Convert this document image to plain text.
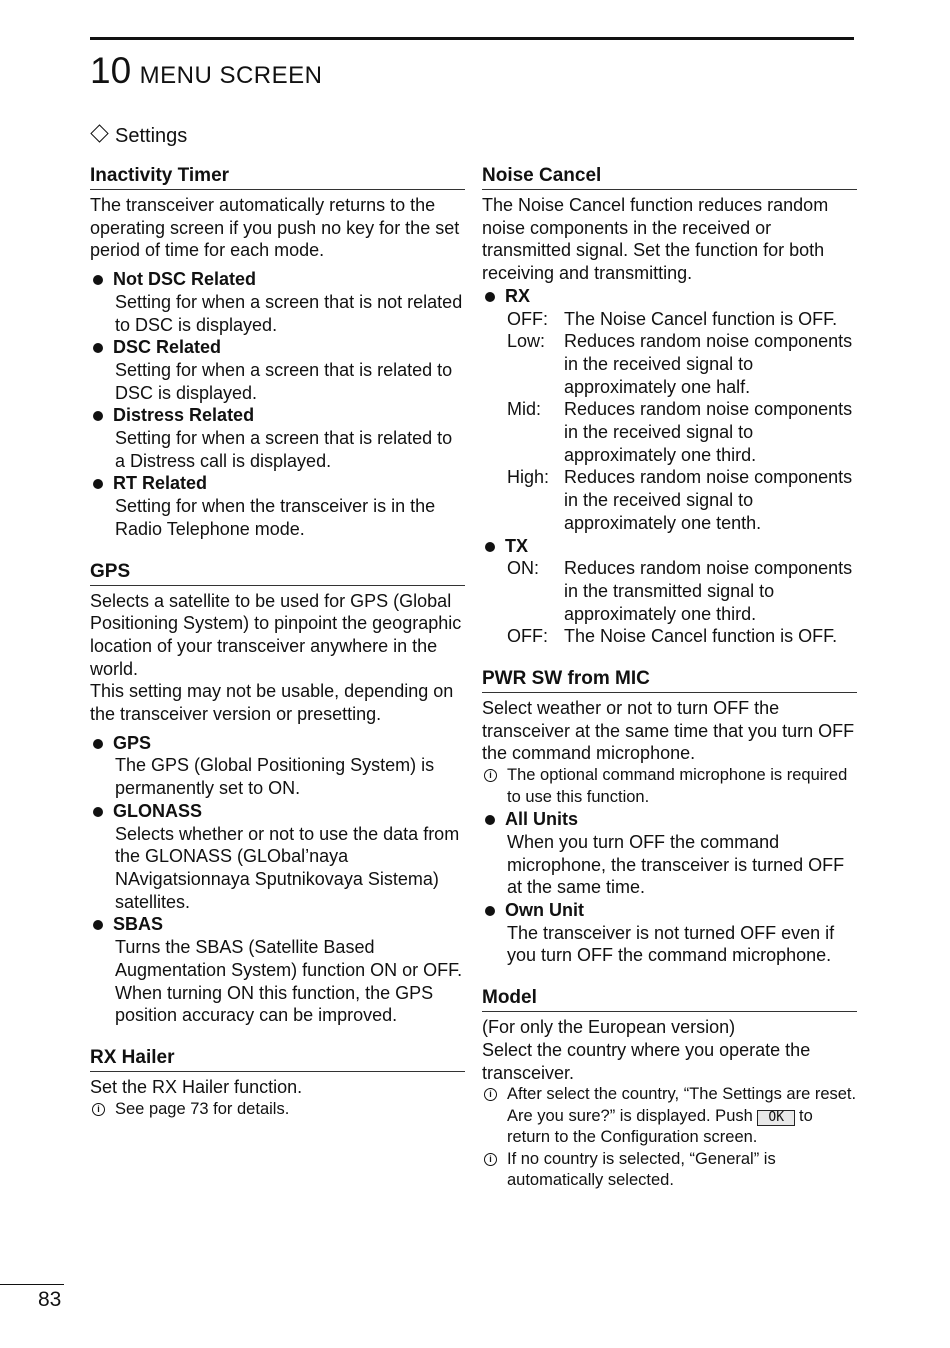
10 MENU SCREEN
Settings
Inactivity Timer

The transceiver automatically returns to the operating screen if you push no key for the set period of time for each mode.

Not DSC Related
Setting for when a screen that is not related to DSC is displayed.
DSC Related
Setting for when a screen that is related to DSC is displayed.
Distress Related
Setting for when a screen that is related to a Distress call is displayed.
RT Related
Setting for when the transceiver is in the Radio Telephone mode.
GPS

Selects a satellite to be used for GPS (Global Positioning System) to pinpoint the geographic location of your transceiver anywhere in the world.

This setting may not be usable, depending on the transceiver version or presetting.

GPS
The GPS (Global Positioning System) is permanently set to ON.
GLONASS
Selects whether or not to use the data from the GLONASS (GLObal’naya NAvigatsionnaya Sputnikovaya Sistema) satellites.
SBAS
Turns the SBAS (Satellite Based Augmentation System) function ON or OFF.
When turning ON this function, the GPS position accuracy can be improved.
RX Hailer

Set the RX Hailer function.

i See page 73 for details.
Noise Cancel

The Noise Cancel function reduces random noise components in the received or transmitted signal. Set the function for both receiving and transmitting.

RX
OFF: The Noise Cancel function is OFF.
Low:	Reduces random noise components in the received signal to approximately one half.
Mid:	Reduces random noise components in the received signal to approximately one third.
High: Reduces random noise components in the received signal to approximately one tenth.
TX
ON:	Reduces random noise components in the transmitted signal to approximately one third.
OFF: The Noise Cancel function is OFF.
PWR SW from MIC

Select weather or not to turn OFF the transceiver at the same time that you turn OFF the command microphone.

i The optional command microphone is required to use this function.
All Units
When you turn OFF the command microphone, the transceiver is turned OFF at the same time.
Own Unit
The transceiver is not turned OFF even if you turn OFF the command microphone.
Model

(For only the European version)

Select the country where you operate the transceiver.

i After select the country, “The Settings are reset. Are you sure?” is displayed. Push OK to return to the Configuration screen.
i If no country is selected, “General” is automatically selected.
83
